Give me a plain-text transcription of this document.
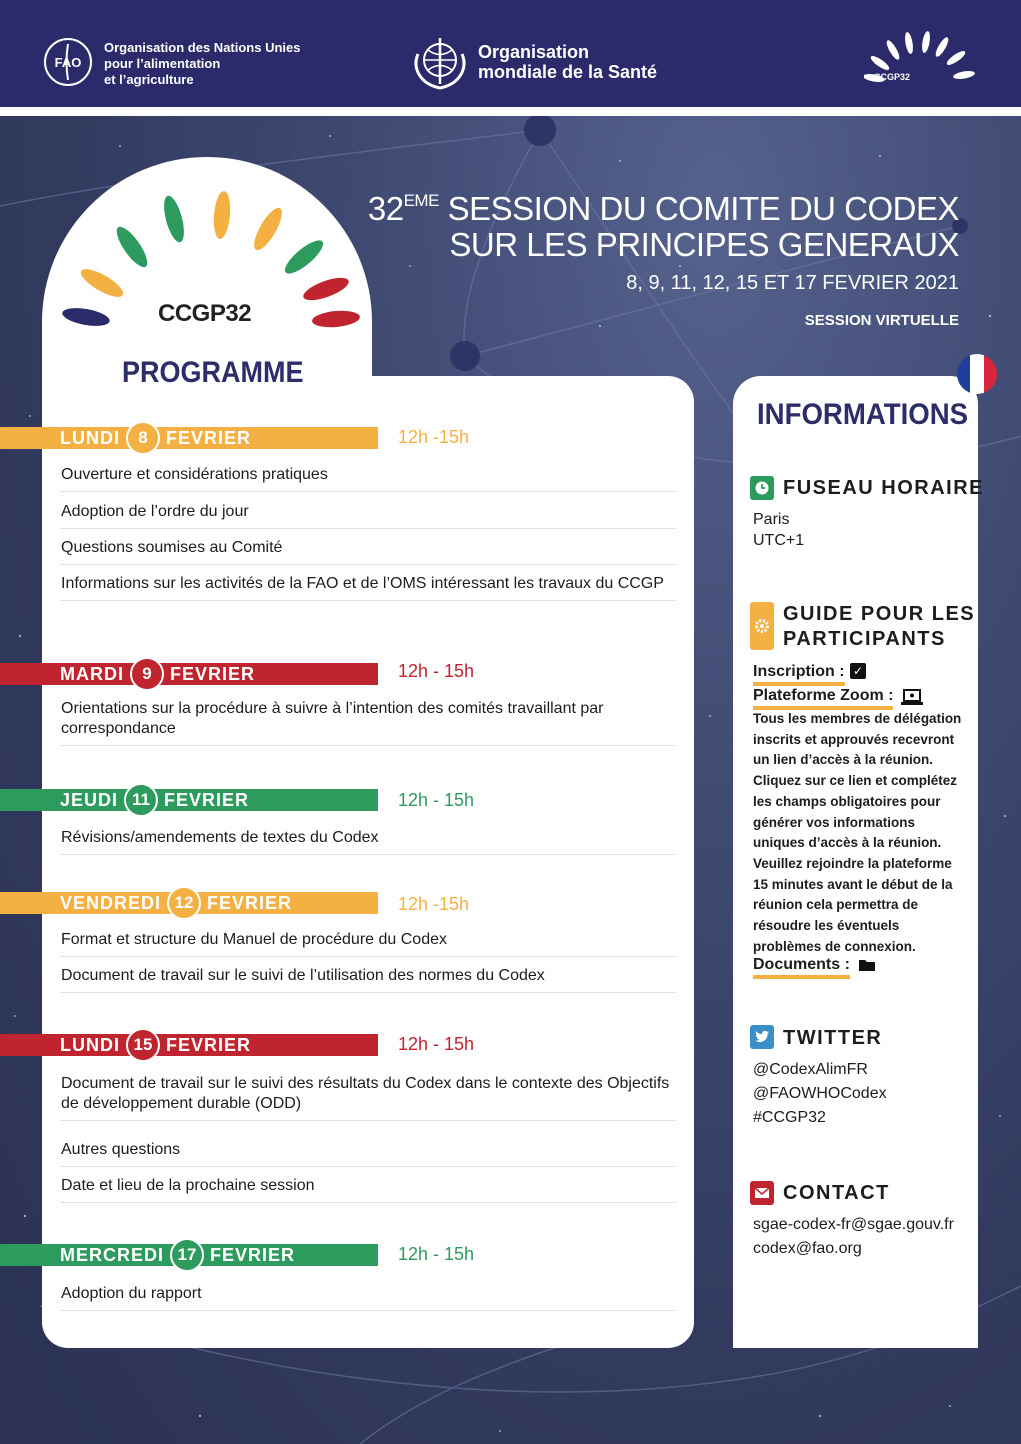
FAO
Organisation des Nations Unies
pour l’alimentation
et l’agriculture
Organisation
mondiale de la Santé	CCGP32
32EME SESSION DU COMITE DU CODEX
SUR LES PRINCIPES GENERAUX
8, 9, 11, 12, 15 ET 17 FEVRIER 2021
SESSION VIRTUELLE
CCGP32
PROGRAMME
LUNDI	8	FEVRIER	12h -15h
Ouverture et considérations pratiques
Adoption de l’ordre du jour
Questions soumises au Comité
Informations sur les activités de la FAO et de l’OMS intéressant les travaux du CCGP
MARDI	9	FEVRIER	12h - 15h
Orientations sur la procédure à suivre à l’intention des comités travaillant par correspondance
JEUDI 11 FEVRIER	12h - 15h
Révisions/amendements de textes du Codex
VENDREDI 12 FEVRIER	12h -15h
Format et structure du Manuel de procédure du Codex
Document de travail sur le suivi de l’utilisation des normes du Codex
LUNDI 15 FEVRIER	12h - 15h
Document de travail sur le suivi des résultats du Codex dans le contexte des Objectifs de développement durable (ODD)
Autres questions
Date et lieu de la prochaine session
MERCREDI 17 FEVRIER	12h - 15h
Adoption du rapport
INFORMATIONS
FUSEAU HORAIRE
Paris
UTC+1
GUIDE POUR LES
PARTICIPANTS
Inscription : ✓
Plateforme Zoom :
Tous les membres de délégation inscrits et approuvés recevront un lien d’accès à la réunion. Cliquez sur ce lien et complétez les champs obligatoires pour générer vos informations uniques d’accès à la réunion. Veuillez rejoindre la plateforme 15 minutes avant le début de la réunion cela permettra de résoudre les éventuels problèmes de connexion.
Documents :
TWITTER
@CodexAlimFR
@FAOWHOCodex
#CCGP32
CONTACT
sgae-codex-fr@sgae.gouv.fr
codex@fao.org
